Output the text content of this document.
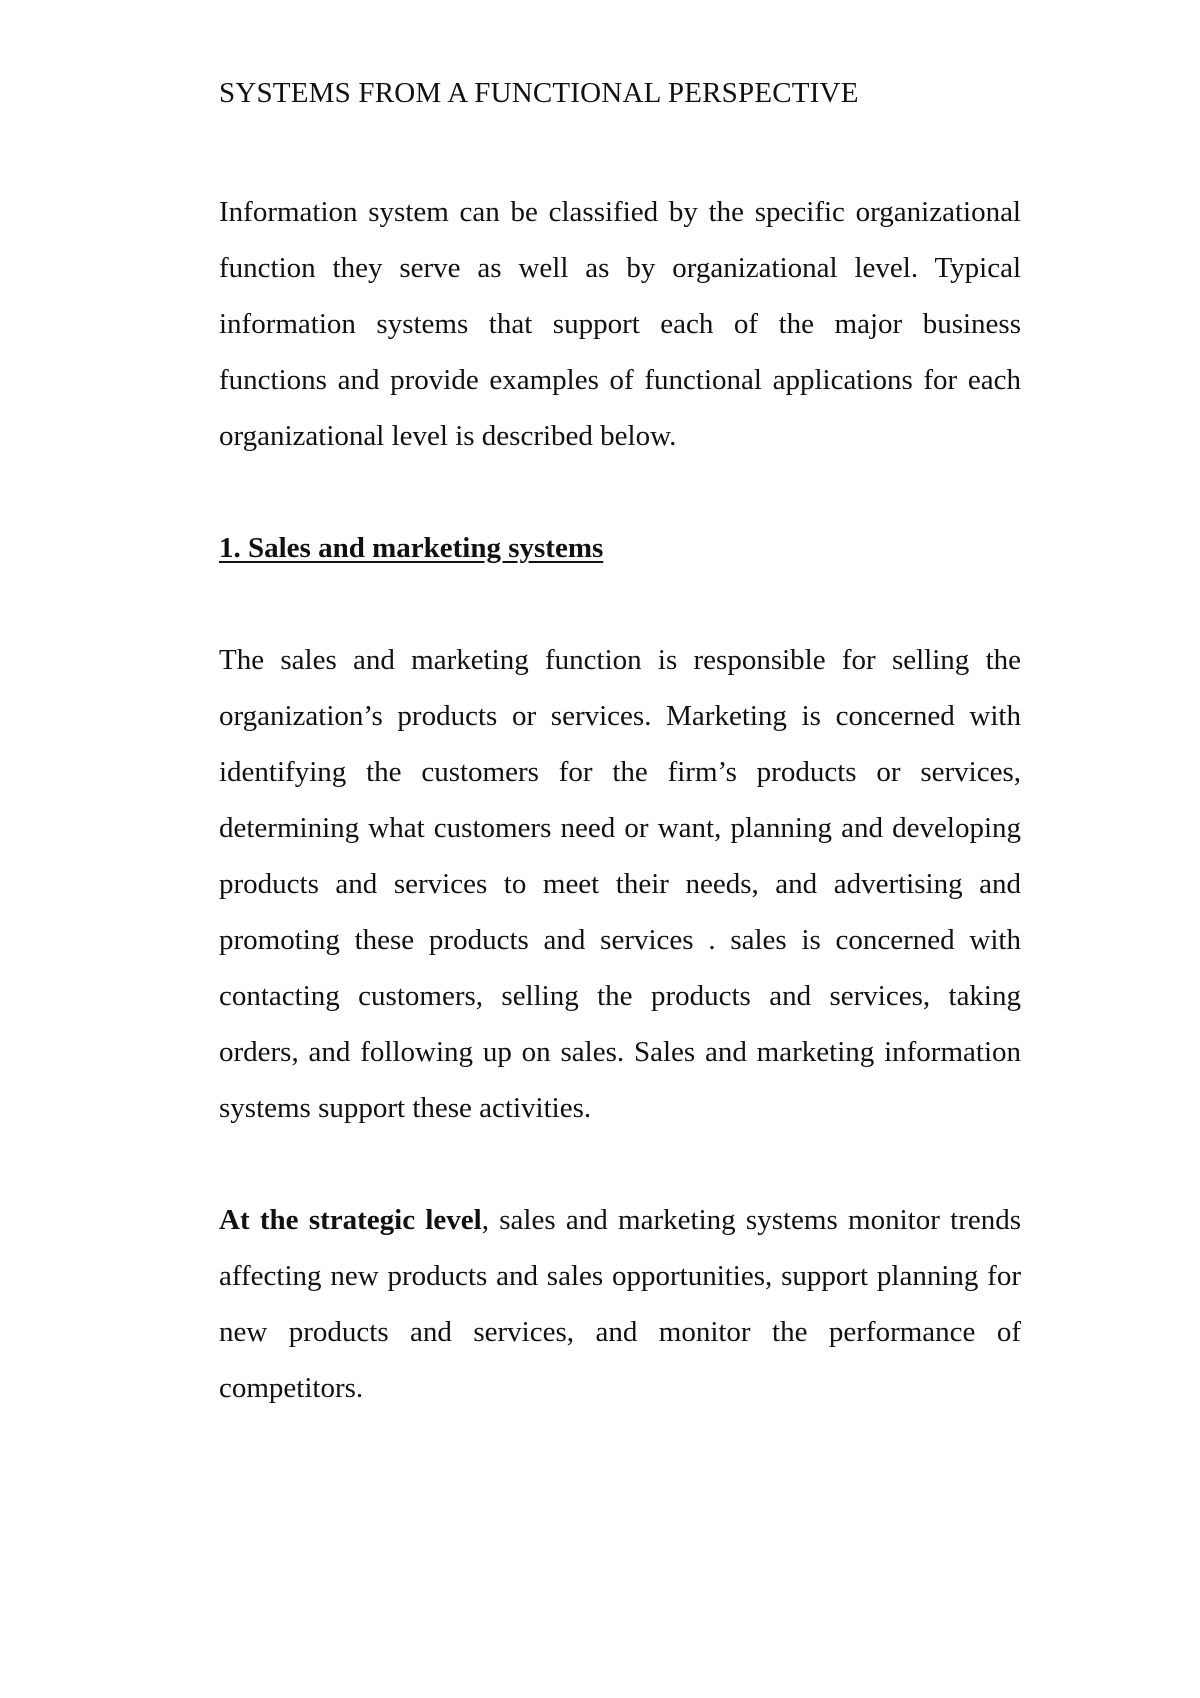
SYSTEMS FROM A FUNCTIONAL PERSPECTIVE

Information system can be classified by the specific organizational function they serve as well as by organizational level. Typical information systems that support each of the major business functions and provide examples of functional applications for each organizational level is described below.

1. Sales and marketing systems

The sales and marketing function is responsible for selling the organization’s products or services. Marketing is concerned with identifying the customers for the firm’s products or services, determining what customers need or want, planning and developing products and services to meet their needs, and advertising and promoting these products and services . sales is concerned with contacting customers, selling the products and services, taking orders, and following up on sales. Sales and marketing information systems support these activities.

At the strategic level, sales and marketing systems monitor trends affecting new products and sales opportunities, support planning for new products and services, and monitor the performance of competitors.
